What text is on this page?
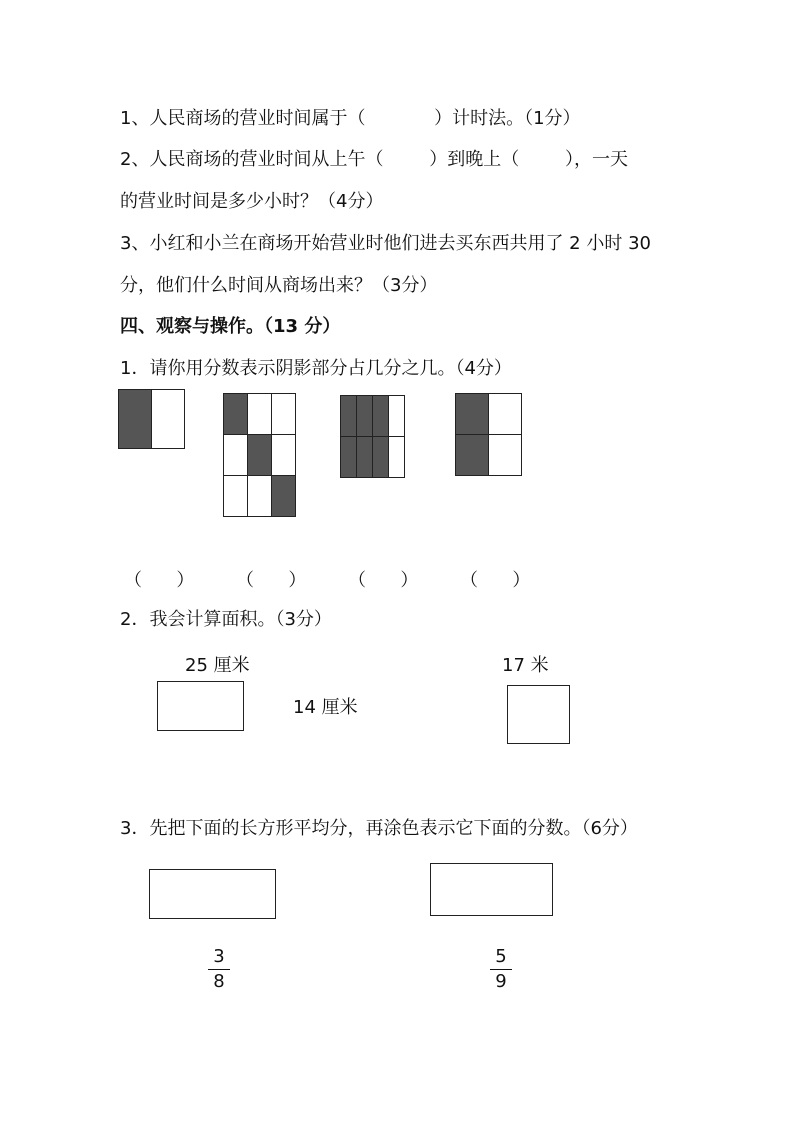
1、人民商场的营业时间属于（            ）计时法。（1分）
2、人民商场的营业时间从上午（        ）到晚上（        ），一天
的营业时间是多少小时？（4分）
3、小红和小兰在商场开始营业时他们进去买东西共用了 2 小时 30
分，他们什么时间从商场出来？（3分）
四、观察与操作。（13 分）
1．请你用分数表示阴影部分占几分之几。（4分）

（      ） （      ） （      ） （      ）
2．我会计算面积。（3分）
25 厘米
14 厘米
17 米
3．先把下面的长方形平均分，再涂色表示它下面的分数。（6分）
3
8
5
9
